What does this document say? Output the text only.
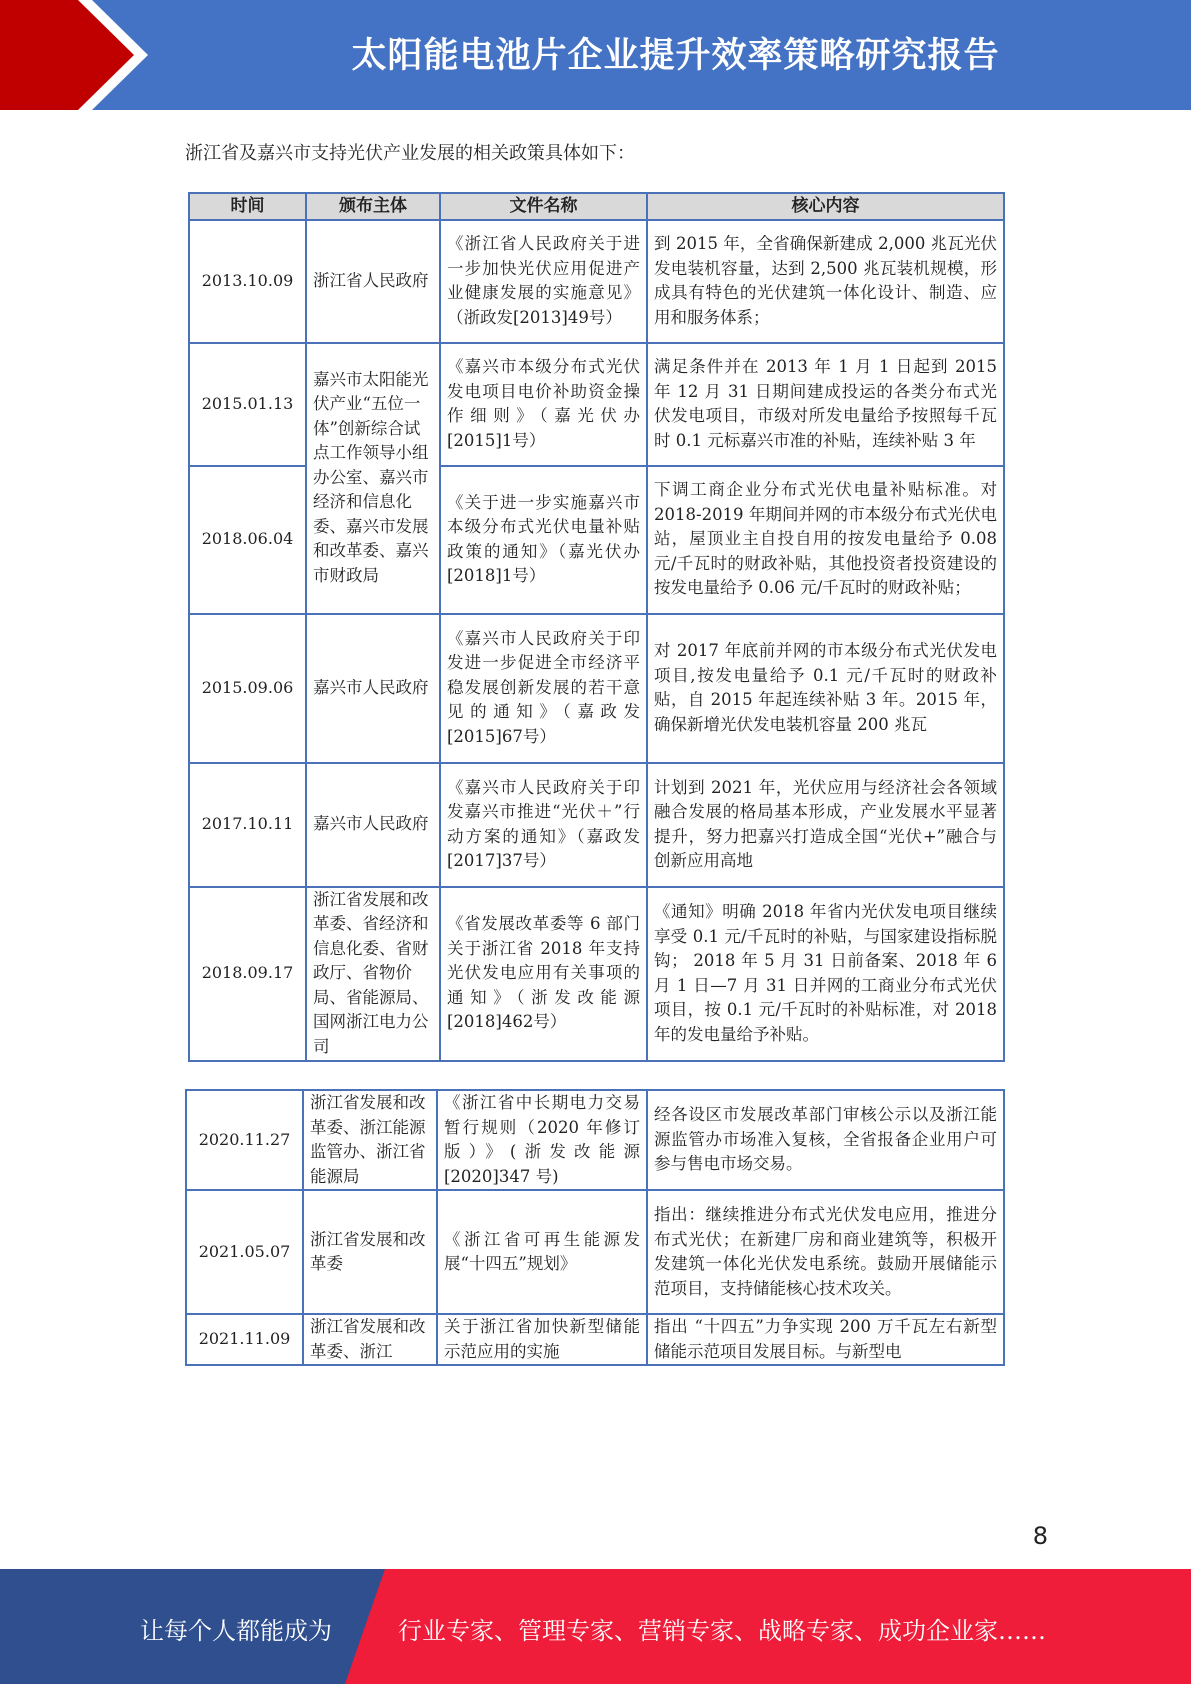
太阳能电池片企业提升效率策略研究报告
浙江省及嘉兴市支持光伏产业发展的相关政策具体如下：
时间	颁布主体	文件名称	核心内容
2013.10.09	浙江省人民政府	《浙江省人民政府关于进一步加快光伏应用促进产业健康发展的实施意见》（浙政发[2013]49号）	到 2015 年，全省确保新建成 2,000 兆瓦光伏发电装机容量，达到 2,500 兆瓦装机规模，形成具有特色的光伏建筑一体化设计、制造、应用和服务体系；
2015.01.13	嘉兴市太阳能光伏产业“五位一体”创新综合试点工作领导小组办公室、嘉兴市经济和信息化委、嘉兴市发展和改革委、嘉兴市财政局	《嘉兴市本级分布式光伏发电项目电价补助资金操作细则》（嘉光伏办[2015]1号）	满足条件并在 2013 年 1 月 1 日起到 2015 年 12 月 31 日期间建成投运的各类分布式光伏发电项目，市级对所发电量给予按照每千瓦时 0.1 元标嘉兴市准的补贴，连续补贴 3 年
2018.06.04		《关于进一步实施嘉兴市本级分布式光伏电量补贴政策的通知》（嘉光伏办[2018]1号）	下调工商企业分布式光伏电量补贴标准。对 2018-2019 年期间并网的市本级分布式光伏电站，屋顶业主自投自用的按发电量给予 0.08 元/千瓦时的财政补贴，其他投资者投资建设的按发电量给予 0.06 元/千瓦时的财政补贴；
2015.09.06	嘉兴市人民政府	《嘉兴市人民政府关于印发进一步促进全市经济平稳发展创新发展的若干意见的通知》（嘉政发[2015]67号）	对 2017 年底前并网的市本级分布式光伏发电项目,按发电量给予 0.1 元/千瓦时的财政补贴，自 2015 年起连续补贴 3 年。2015 年，确保新增光伏发电装机容量 200 兆瓦
2017.10.11	嘉兴市人民政府	《嘉兴市人民政府关于印发嘉兴市推进“光伏＋”行动方案的通知》（嘉政发[2017]37号）	计划到 2021 年，光伏应用与经济社会各领域融合发展的格局基本形成，产业发展水平显著提升，努力把嘉兴打造成全国“光伏+”融合与创新应用高地
2018.09.17	浙江省发展和改革委、省经济和信息化委、省财政厅、省物价局、省能源局、国网浙江电力公司	《省发展改革委等 6 部门关于浙江省 2018 年支持光伏发电应用有关事项的通知》（浙发改能源[2018]462号）	《通知》明确 2018 年省内光伏发电项目继续享受 0.1 元/千瓦时的补贴，与国家建设指标脱钩； 2018 年 5 月 31 日前备案、2018 年 6 月 1 日—7 月 31 日并网的工商业分布式光伏项目，按 0.1 元/千瓦时的补贴标准，对 2018 年的发电量给予补贴。
2020.11.27	浙江省发展和改革委、浙江能源监管办、浙江省能源局	《浙江省中长期电力交易暂行规则（2020 年修订版）》(浙发改能源[2020]347 号)	经各设区市发展改革部门审核公示以及浙江能源监管办市场准入复核，全省报备企业用户可参与售电市场交易。
2021.05.07	浙江省发展和改革委	《浙江省可再生能源发展“十四五”规划》	指出：继续推进分布式光伏发电应用，推进分布式光伏；在新建厂房和商业建筑等，积极开发建筑一体化光伏发电系统。鼓励开展储能示范项目，支持储能核心技术攻关。
2021.11.09	浙江省发展和改革委、浙江	关于浙江省加快新型储能示范应用的实施	指出 “十四五”力争实现 200 万千瓦左右新型储能示范项目发展目标。与新型电
8
让每个人都能成为	行业专家、管理专家、营销专家、战略专家、成功企业家……
